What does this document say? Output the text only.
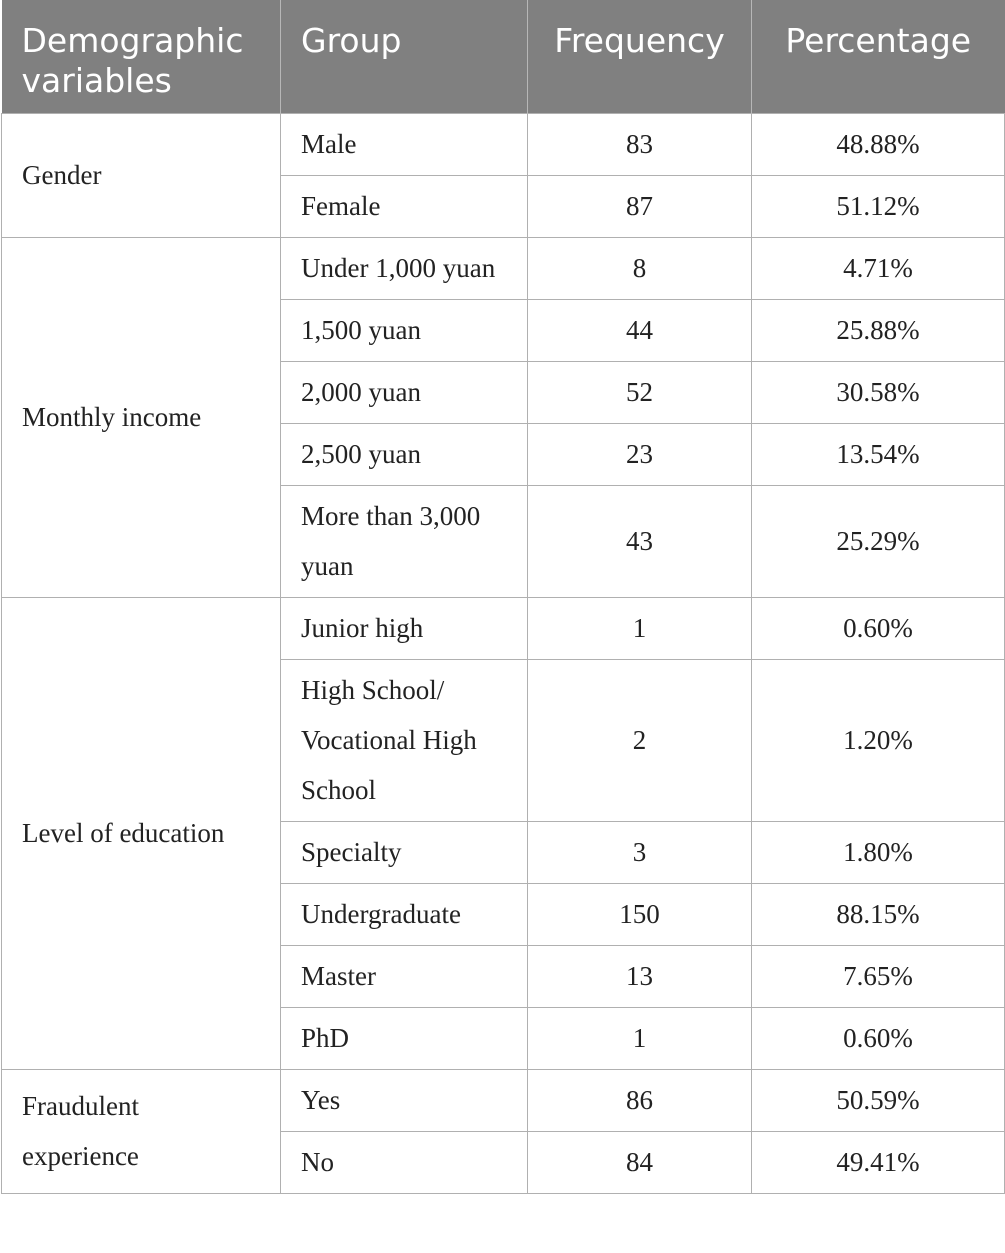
Demographic variables	Group	Frequency	Percentage
Gender	Male	83	48.88%
	Female	87	51.12%
Monthly income	Under 1,000 yuan	8	4.71%
	1,500 yuan	44	25.88%
	2,000 yuan	52	30.58%
	2,500 yuan	23	13.54%
	More than 3,000 yuan	43	25.29%
Level of education	Junior high	1	0.60%
	High School/ Vocational High School	2	1.20%
	Specialty	3	1.80%
	Undergraduate	150	88.15%
	Master	13	7.65%
	PhD	1	0.60%
Fraudulent experience	Yes	86	50.59%
	No	84	49.41%
